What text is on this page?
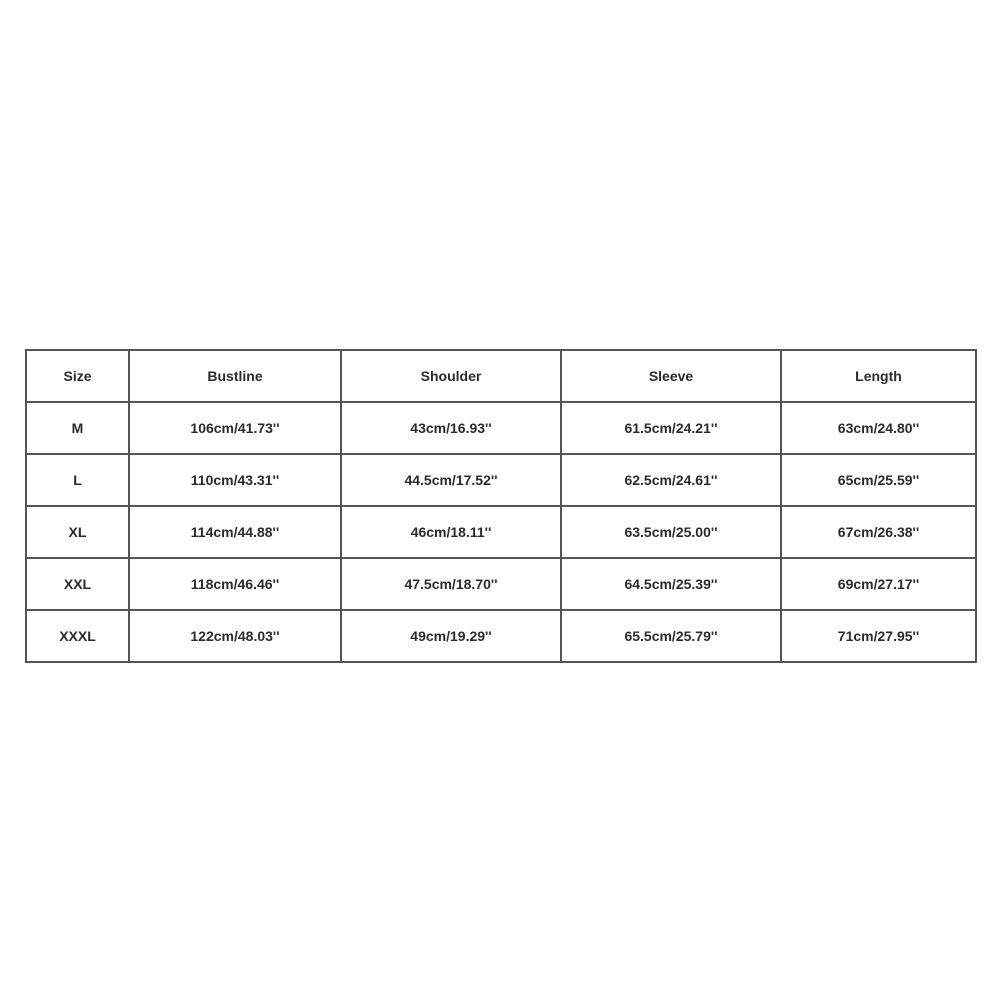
Size	Bustline	Shoulder	Sleeve	Length
M	106cm/41.73''	43cm/16.93''	61.5cm/24.21''	63cm/24.80''
L	110cm/43.31''	44.5cm/17.52''	62.5cm/24.61''	65cm/25.59''
XL	114cm/44.88''	46cm/18.11''	63.5cm/25.00''	67cm/26.38''
XXL	118cm/46.46''	47.5cm/18.70''	64.5cm/25.39''	69cm/27.17''
XXXL	122cm/48.03''	49cm/19.29''	65.5cm/25.79''	71cm/27.95''
